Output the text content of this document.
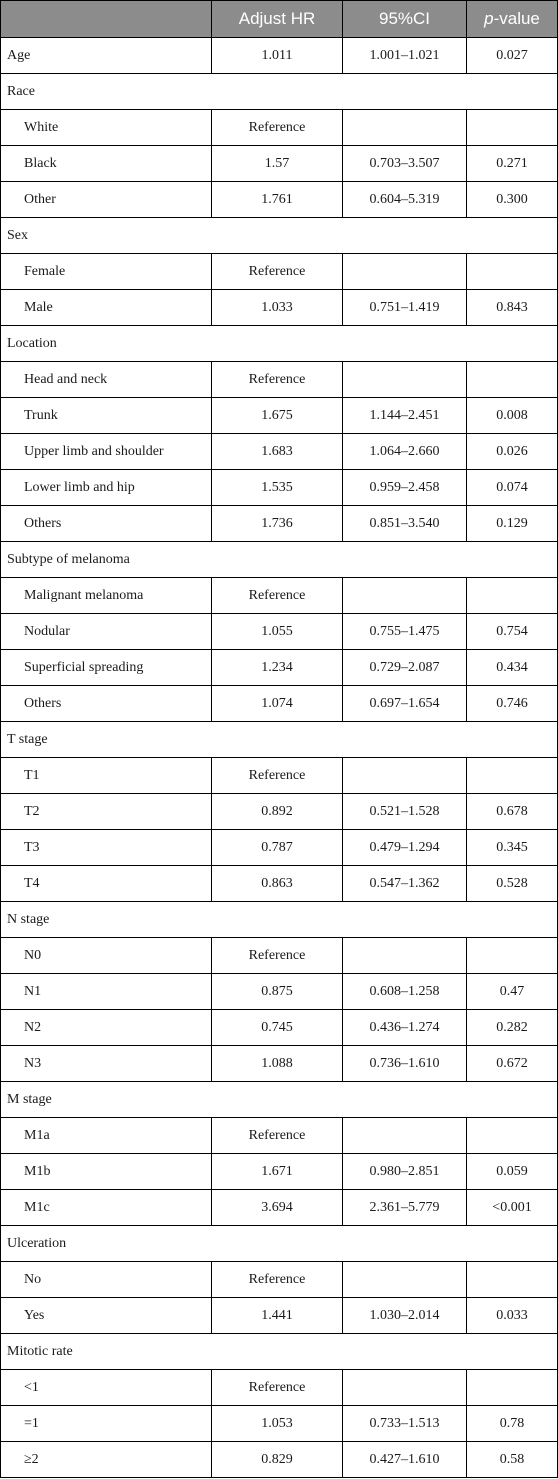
	Adjust HR	95%CI	p-value
Age	1.011	1.001–1.021	0.027
Race			
White	Reference		
Black	1.57	0.703–3.507	0.271
Other	1.761	0.604–5.319	0.300
Sex			
Female	Reference		
Male	1.033	0.751–1.419	0.843
Location			
Head and neck	Reference		
Trunk	1.675	1.144–2.451	0.008
Upper limb and shoulder	1.683	1.064–2.660	0.026
Lower limb and hip	1.535	0.959–2.458	0.074
Others	1.736	0.851–3.540	0.129
Subtype of melanoma			
Malignant melanoma	Reference		
Nodular	1.055	0.755–1.475	0.754
Superficial spreading	1.234	0.729–2.087	0.434
Others	1.074	0.697–1.654	0.746
T stage			
T1	Reference		
T2	0.892	0.521–1.528	0.678
T3	0.787	0.479–1.294	0.345
T4	0.863	0.547–1.362	0.528
N stage			
N0	Reference		
N1	0.875	0.608–1.258	0.47
N2	0.745	0.436–1.274	0.282
N3	1.088	0.736–1.610	0.672
M stage			
M1a	Reference		
M1b	1.671	0.980–2.851	0.059
M1c	3.694	2.361–5.779	<0.001
Ulceration			
No	Reference		
Yes	1.441	1.030–2.014	0.033
Mitotic rate			
<1	Reference		
=1	1.053	0.733–1.513	0.78
≥2	0.829	0.427–1.610	0.58
